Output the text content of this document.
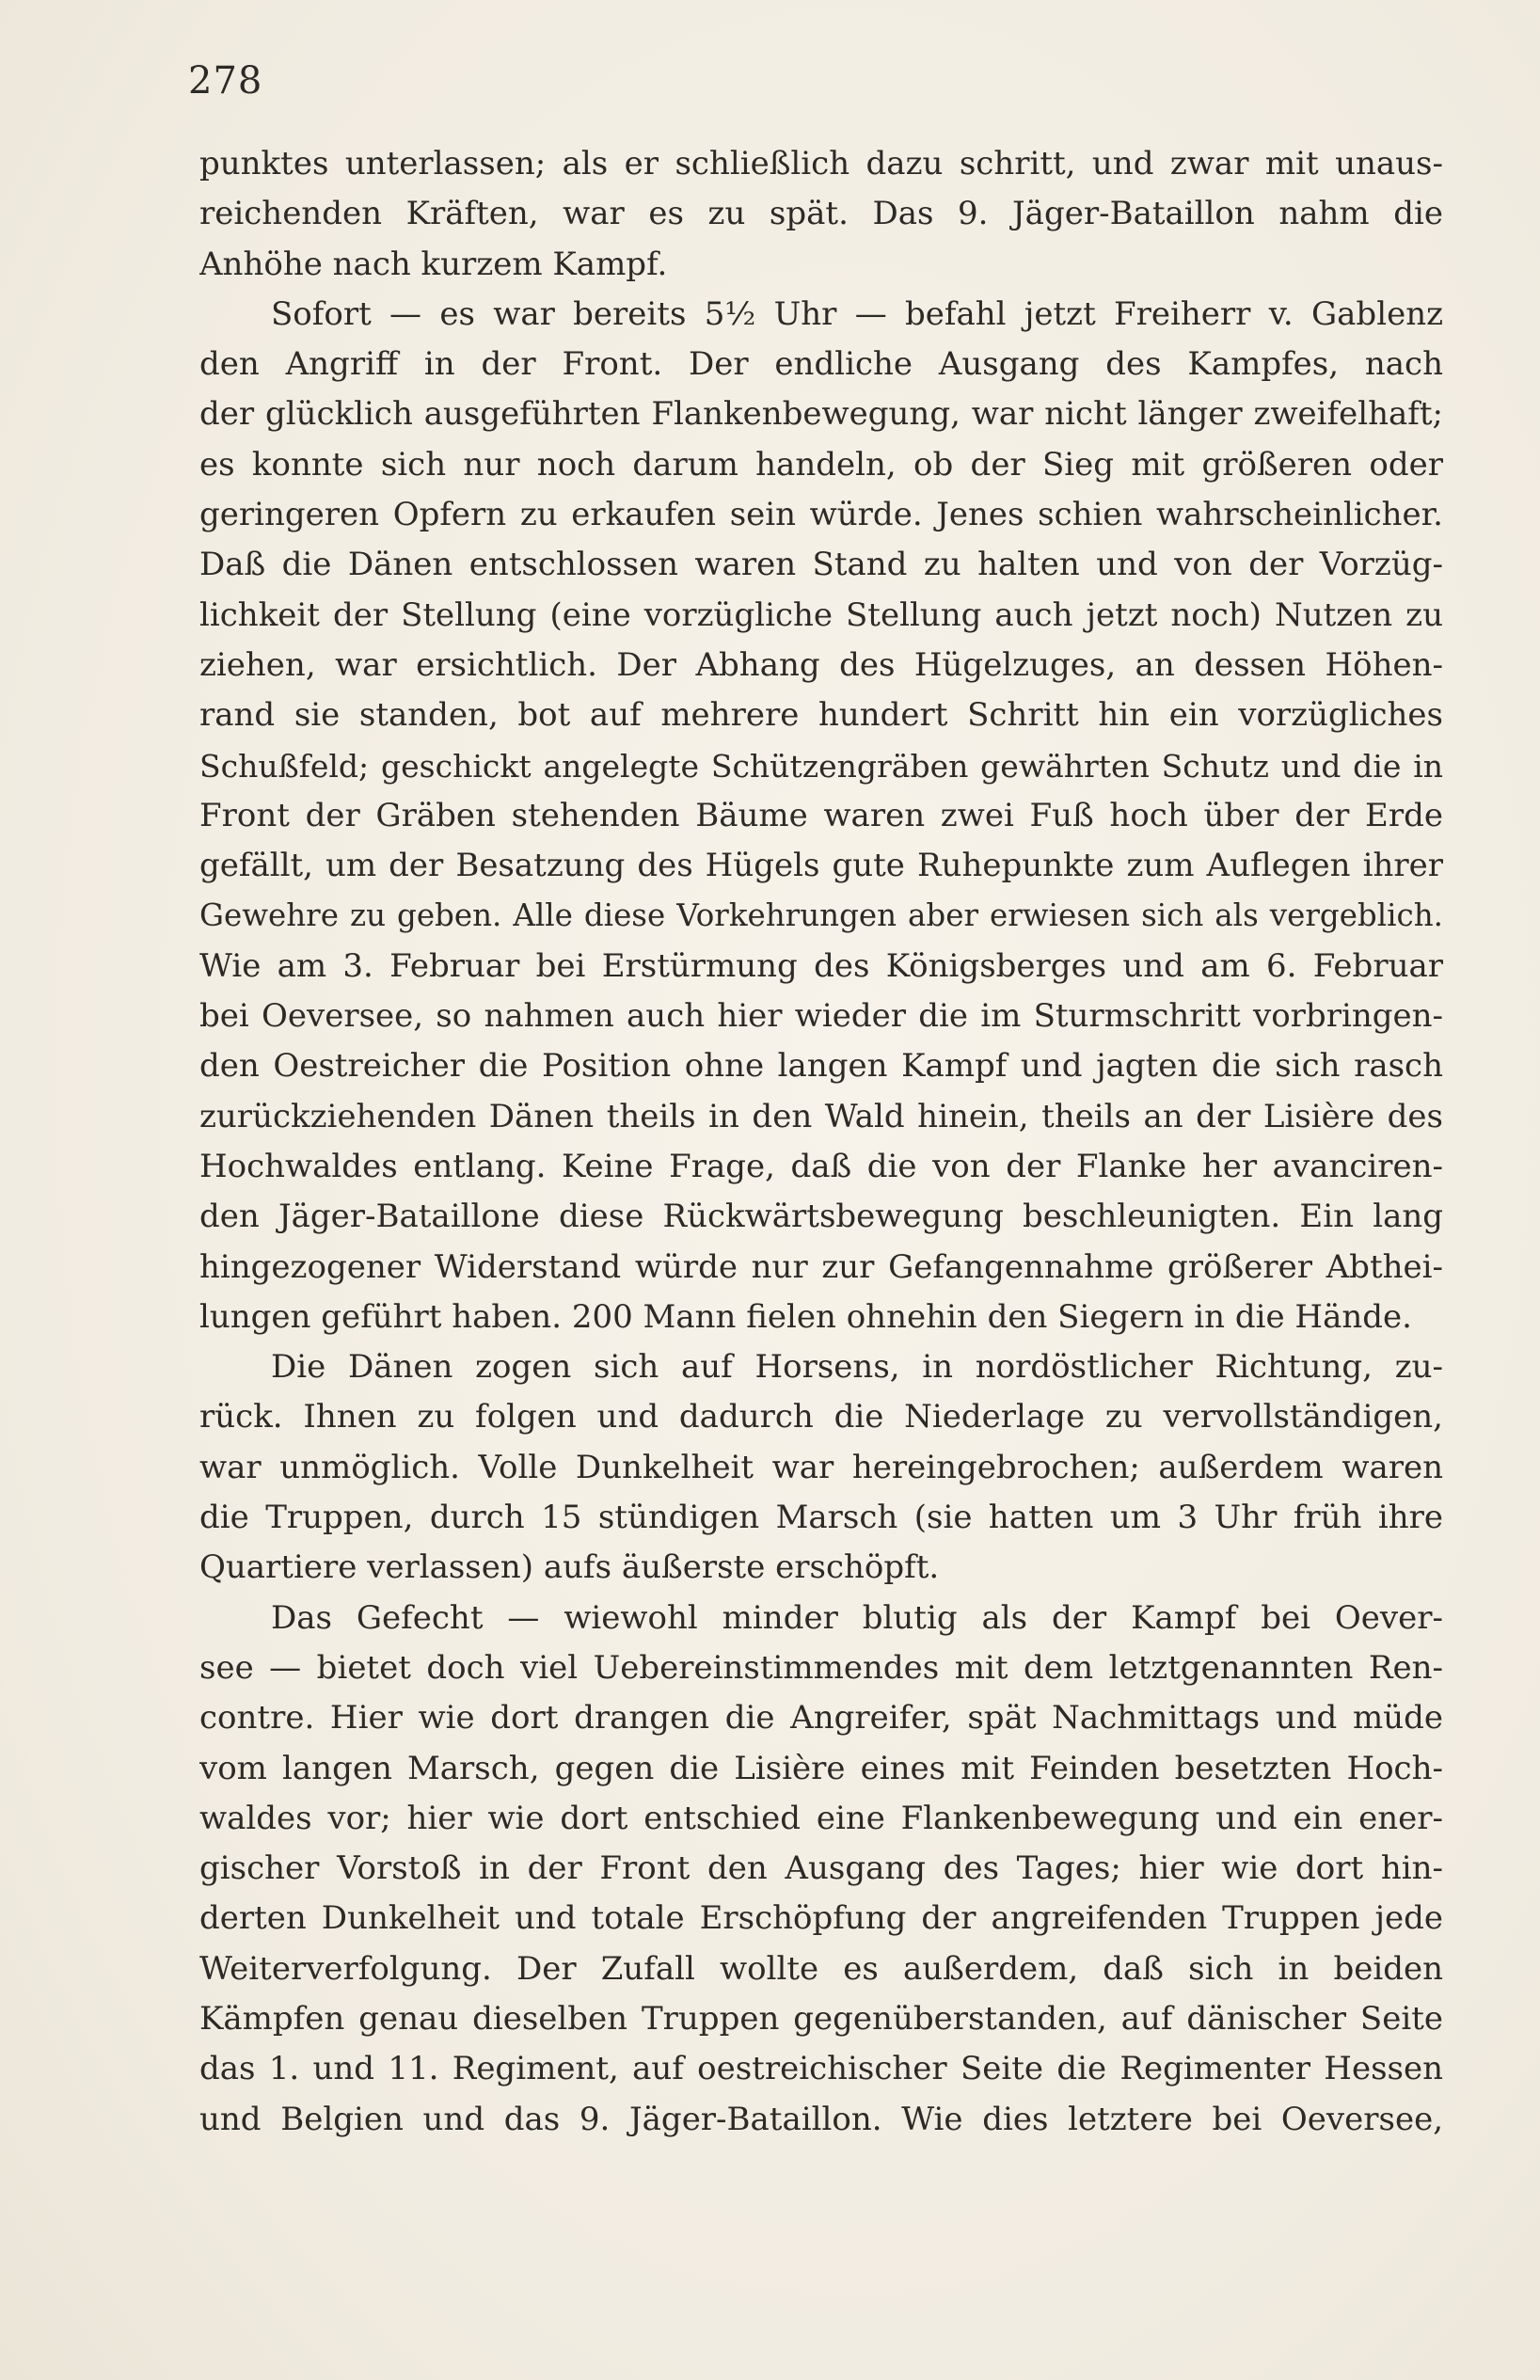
278
punktes unterlassen; als er schließlich dazu schritt, und zwar mit unaus-
reichenden Kräften, war es zu spät. Das 9. Jäger-Bataillon nahm die
Anhöhe nach kurzem Kampf.
Sofort — es war bereits 5½ Uhr — befahl jetzt Freiherr v. Gablenz
den Angriff in der Front. Der endliche Ausgang des Kampfes, nach
der glücklich ausgeführten Flankenbewegung, war nicht länger zweifelhaft;
es konnte sich nur noch darum handeln, ob der Sieg mit größeren oder
geringeren Opfern zu erkaufen sein würde. Jenes schien wahrscheinlicher.
Daß die Dänen entschlossen waren Stand zu halten und von der Vorzüg-
lichkeit der Stellung (eine vorzügliche Stellung auch jetzt noch) Nutzen zu
ziehen, war ersichtlich. Der Abhang des Hügelzuges, an dessen Höhen-
rand sie standen, bot auf mehrere hundert Schritt hin ein vorzügliches
Schußfeld; geschickt angelegte Schützengräben gewährten Schutz und die in
Front der Gräben stehenden Bäume waren zwei Fuß hoch über der Erde
gefällt, um der Besatzung des Hügels gute Ruhepunkte zum Auflegen ihrer
Gewehre zu geben. Alle diese Vorkehrungen aber erwiesen sich als vergeblich.
Wie am 3. Februar bei Erstürmung des Königsberges und am 6. Februar
bei Oeversee, so nahmen auch hier wieder die im Sturmschritt vorbringen-
den Oestreicher die Position ohne langen Kampf und jagten die sich rasch
zurückziehenden Dänen theils in den Wald hinein, theils an der Lisière des
Hochwaldes entlang. Keine Frage, daß die von der Flanke her avanciren-
den Jäger-Bataillone diese Rückwärtsbewegung beschleunigten. Ein lang
hingezogener Widerstand würde nur zur Gefangennahme größerer Abthei-
lungen geführt haben. 200 Mann fielen ohnehin den Siegern in die Hände.
Die Dänen zogen sich auf Horsens, in nordöstlicher Richtung, zu-
rück. Ihnen zu folgen und dadurch die Niederlage zu vervollständigen,
war unmöglich. Volle Dunkelheit war hereingebrochen; außerdem waren
die Truppen, durch 15 stündigen Marsch (sie hatten um 3 Uhr früh ihre
Quartiere verlassen) aufs äußerste erschöpft.
Das Gefecht — wiewohl minder blutig als der Kampf bei Oever-
see — bietet doch viel Uebereinstimmendes mit dem letztgenannten Ren-
contre. Hier wie dort drangen die Angreifer, spät Nachmittags und müde
vom langen Marsch, gegen die Lisière eines mit Feinden besetzten Hoch-
waldes vor; hier wie dort entschied eine Flankenbewegung und ein ener-
gischer Vorstoß in der Front den Ausgang des Tages; hier wie dort hin-
derten Dunkelheit und totale Erschöpfung der angreifenden Truppen jede
Weiterverfolgung. Der Zufall wollte es außerdem, daß sich in beiden
Kämpfen genau dieselben Truppen gegenüberstanden, auf dänischer Seite
das 1. und 11. Regiment, auf oestreichischer Seite die Regimenter Hessen
und Belgien und das 9. Jäger-Bataillon. Wie dies letztere bei Oeversee,
